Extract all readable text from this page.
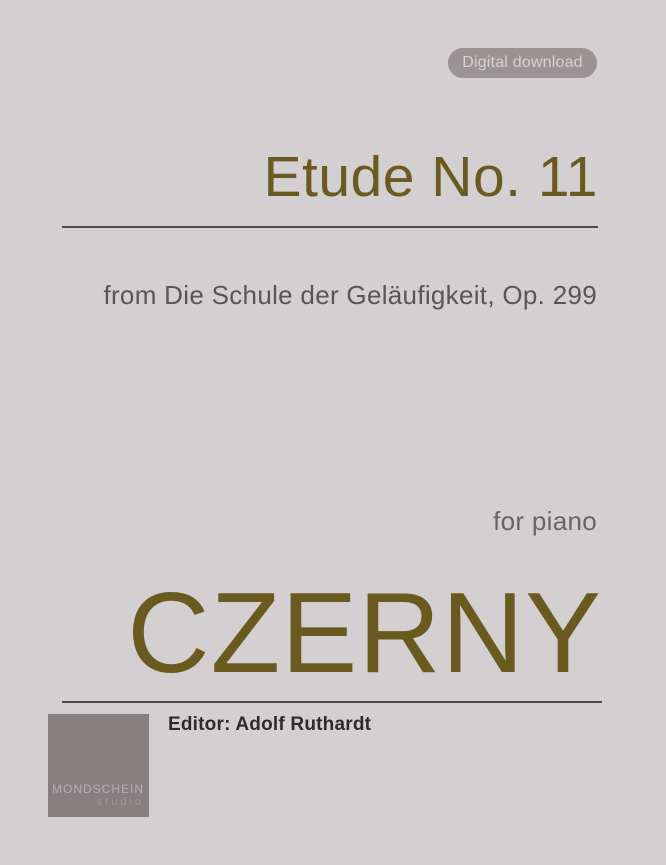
Digital download
Etude No. 11
from Die Schule der Geläufigkeit, Op. 299
for piano
CZERNY
Editor: Adolf Ruthardt
MONDSCHEIN
studio
